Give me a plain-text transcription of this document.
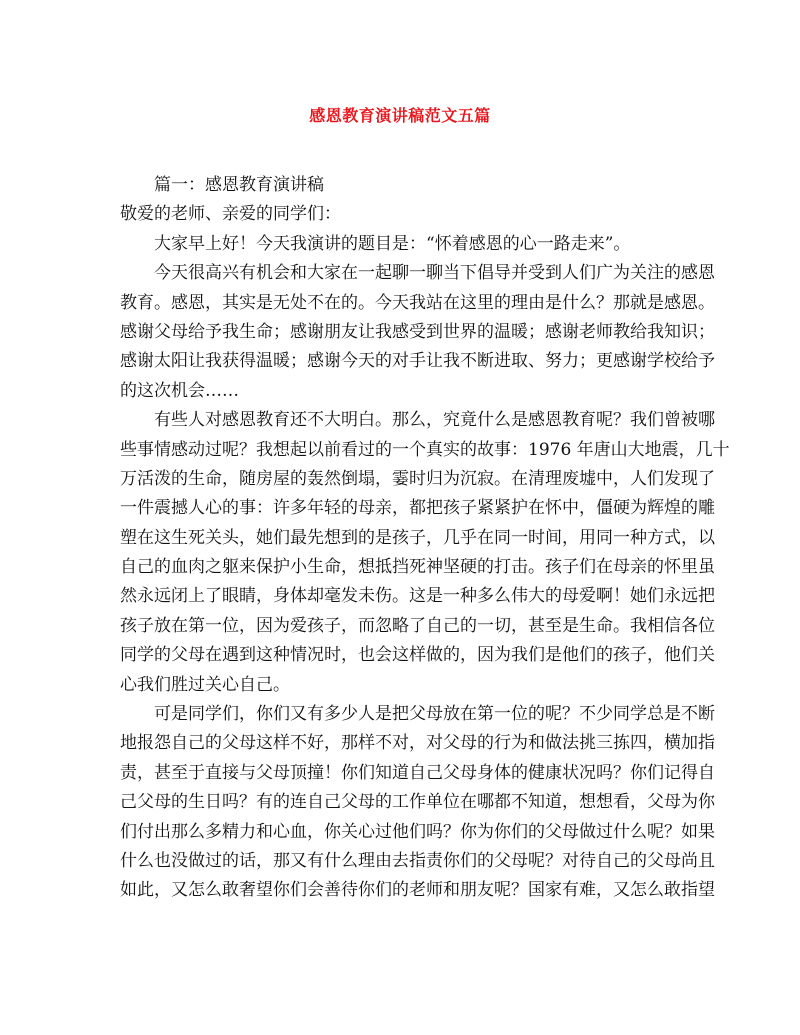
感恩教育演讲稿范文五篇
篇一：感恩教育演讲稿
敬爱的老师、亲爱的同学们：
大家早上好！今天我演讲的题目是：“怀着感恩的心一路走来”。
今天很高兴有机会和大家在一起聊一聊当下倡导并受到人们广为关注的感恩
教育。感恩，其实是无处不在的。今天我站在这里的理由是什么？那就是感恩。
感谢父母给予我生命；感谢朋友让我感受到世界的温暖；感谢老师教给我知识；
感谢太阳让我获得温暖；感谢今天的对手让我不断进取、努力；更感谢学校给予
的这次机会……
有些人对感恩教育还不大明白。那么，究竟什么是感恩教育呢？我们曾被哪
些事情感动过呢？我想起以前看过的一个真实的故事：1976 年唐山大地震，几十
万活泼的生命，随房屋的轰然倒塌，霎时归为沉寂。在清理废墟中，人们发现了
一件震撼人心的事：许多年轻的母亲，都把孩子紧紧护在怀中，僵硬为辉煌的雕
塑在这生死关头，她们最先想到的是孩子，几乎在同一时间，用同一种方式，以
自己的血肉之躯来保护小生命，想抵挡死神坚硬的打击。孩子们在母亲的怀里虽
然永远闭上了眼睛，身体却毫发未伤。这是一种多么伟大的母爱啊！她们永远把
孩子放在第一位，因为爱孩子，而忽略了自己的一切，甚至是生命。我相信各位
同学的父母在遇到这种情况时，也会这样做的，因为我们是他们的孩子，他们关
心我们胜过关心自己。
可是同学们，你们又有多少人是把父母放在第一位的呢？不少同学总是不断
地报怨自己的父母这样不好，那样不对，对父母的行为和做法挑三拣四，横加指
责，甚至于直接与父母顶撞！你们知道自己父母身体的健康状况吗？你们记得自
己父母的生日吗？有的连自己父母的工作单位在哪都不知道，想想看，父母为你
们付出那么多精力和心血，你关心过他们吗？你为你们的父母做过什么呢？如果
什么也没做过的话，那又有什么理由去指责你们的父母呢？对待自己的父母尚且
如此，又怎么敢奢望你们会善待你们的老师和朋友呢？国家有难，又怎么敢指望
